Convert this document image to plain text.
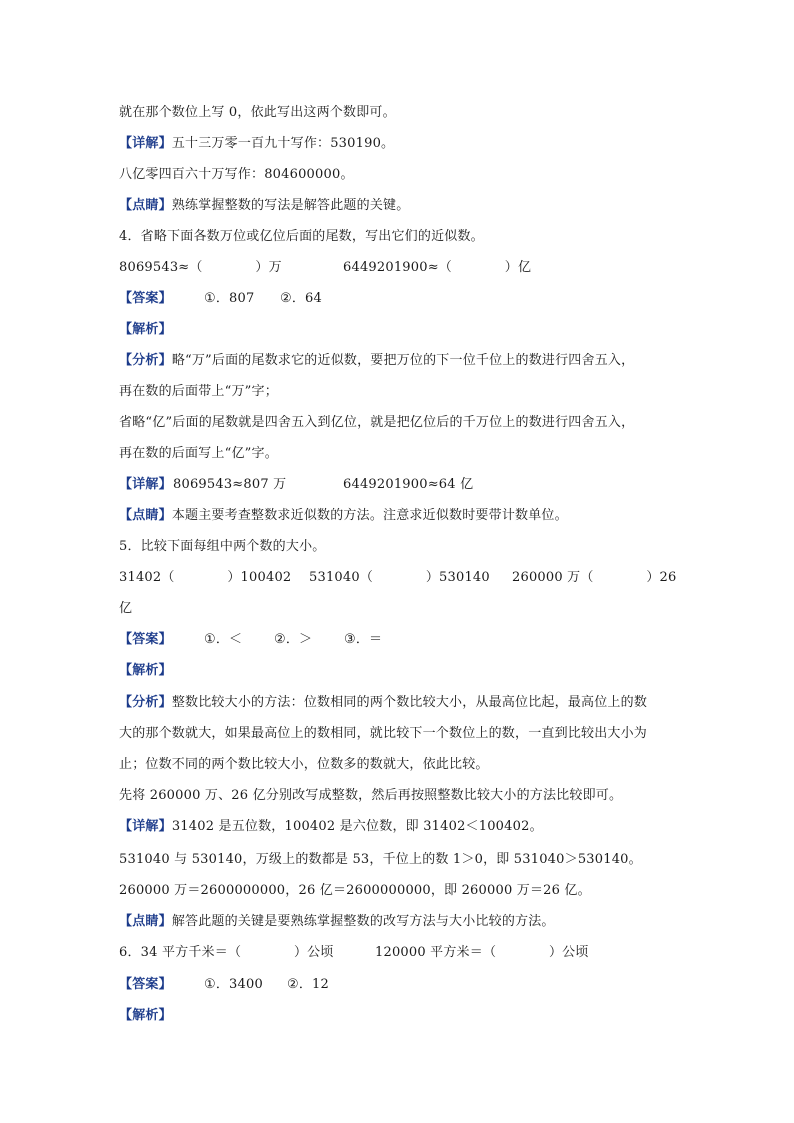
就在那个数位上写 0，依此写出这两个数即可。
【详解】五十三万零一百九十写作：530190。
八亿零四百六十万写作：804600000。
【点睛】熟练掌握整数的写法是解答此题的关键。
4．省略下面各数万位或亿位后面的尾数，写出它们的近似数。
8069543≈（　　　　）万	6449201900≈（　　　　）亿
【答案】 ①．807 ②．64
【解析】
【分析】略“万”后面的尾数求它的近似数，要把万位的下一位千位上的数进行四舍五入，
再在数的后面带上“万”字；
省略“亿”后面的尾数就是四舍五入到亿位，就是把亿位后的千万位上的数进行四舍五入，
再在数的后面写上“亿”字。
【详解】 8069543≈807 万	6449201900≈64 亿
【点睛】本题主要考查整数求近似数的方法。注意求近似数时要带计数单位。
5．比较下面每组中两个数的大小。
31402（　　　　）100402 531040（　　　　）530140 260000 万（　　　　）26
亿
【答案】 ①．＜ ②．＞ ③．＝
【解析】
【分析】整数比较大小的方法：位数相同的两个数比较大小，从最高位比起，最高位上的数
大的那个数就大，如果最高位上的数相同，就比较下一个数位上的数，一直到比较出大小为
止；位数不同的两个数比较大小，位数多的数就大，依此比较。
先将 260000 万、26 亿分别改写成整数，然后再按照整数比较大小的方法比较即可。
【详解】31402 是五位数，100402 是六位数，即 31402＜100402。
531040 与 530140，万级上的数都是 53，千位上的数 1＞0，即 531040＞530140。
260000 万＝2600000000，26 亿＝2600000000，即 260000 万＝26 亿。
【点睛】解答此题的关键是要熟练掌握整数的改写方法与大小比较的方法。
6．34 平方千米＝（　　　　）公顷	120000 平方米＝（　　　　）公顷
【答案】 ①．3400 ②．12
【解析】
